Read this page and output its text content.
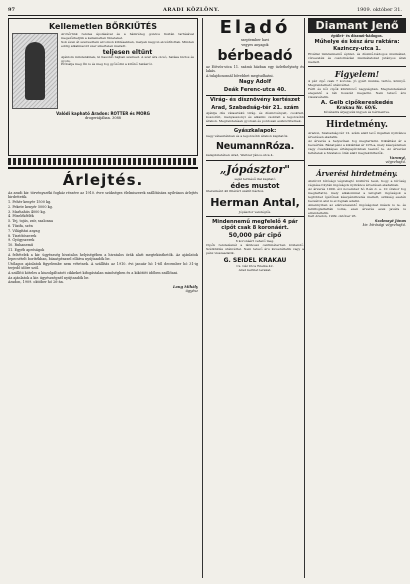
97	ARADI KÖZLÖNY.	1909. október 31.
Kellemetlen BŐRKIŰTÉS

Arcbőrünk rendes ápolásával és a hámréteg gondos tisztán tartásával megelőzhetjük a kellemetlen tüneteket.

Sok éven át szenvedtem arcomon kiütésekben, melyek nagyon elcsúfítottak. Minden eddig alkalmazott szer sikertelen maradt.

teljesen eltűnt

Ajánlom mindenkinek, ki hasonló bajban szenved. A szer ára olcsó, hatása biztos és gyors.

Próbálja meg Ön is és meg fog győződni a kitűnő hatásról.

Valódi kapható Aradon: ROTTER és MORG
drogeriájában. 3088
Árlejtés.

Az aradi kir. törvényszéki fogház részére az 1910. évre szükséges élelmiszerek szállítására nyilvános árlejtés hirdettetik.

1. Fehér kenyér 1500 kg.

2. Fekete kenyér 5000 kg.

3. Marhahús 4000 kg.

4. Főzelékfélék

5. Tej, tojás, zsír, szalonna

6. Tűzifa, szén

7. Világítási anyag

8. Tisztítószerek

9. Gyógyszerek

10. Ruhanemű

11. Egyéb apróságok

A feltételek a kir. ügyészség hivatalos helyiségében a hivatalos órák alatt megtekinthetők. Az ajánlatok lepecsételt borítékban, bánatpénzzel ellátva nyújtandók be.

Utólagos ajánlatok figyelembe nem vétetnek. A szállítás az 1910. évi január hó 1-től december hó 31-ig terjedő időre szól.

A szállító köteles a kiszolgáltatott cikkeket kifogástalan minőségben és a kikötött időben szállítani.

Az ajánlatok a kir. ügyészségnél nyújtandók be.

Aradon, 1909. október hó 26-án.

Lang Mihály
ügyész
Eladó

szeptember havi

vegyes anyagok

bérbeadó

az Eötvös-utca 11. számú házban egy üzlethelyiség és lakás.

A tulajdonosnál bővebbet megtudhatni.

Nagy Adolf
Deák Ferenc-utca 40.
Virág- és dísznövény kertészet
Arad, Szabadság-tér 21. szám

Ajánlja dús választékú virág- és dísznövényeit, csokrait, koszorúit, menyasszonyi és alkalmi csokrait a legolcsóbb árakon. Megrendelések gyorsan és pontosan eszközöltetnek.

Gyászkalapok:

nagy választékban és a legolcsóbb árakon kaphatók.

NeumannRóza.

kalapüzletében Arad, Weitzer János-utca 4.

„Jópásztor"

saját termésű ital kapható

édes mustot

literenként 40 fillérért szállít házhoz.

Herman Antal,

Jópásztor vendéglős.

Mindennemű megfelelő 4 pár cipőt csak 8 koronáért.
50,000 pár cipő

6 koronáért vehető meg.

Cipők rendelésnél a lábhossz centiméterben közlendő. Szétküldés utánvéttel. Nem tetsző áru kicseréltetik vagy a pénz visszaadatik.

G. SEIDEL KRAKAU

Cs. Gál Utca Wielka 42.

Arad kerület lerakat.

Diamant Jenő

épület- és díszmű-bádogos.

Műhelye és kész áru raktára: Kazinczy-utca 1.

Elvállal mindennemű épület- és díszmű-bádogos munkákat, vízvezeték és csatornázási munkálatokat jutányos árak mellett.

Figyelem!

4 pár cipő csak 7 korona. Jó gyári munka, tartós, könnyű. Megrendelhető utánvéttel.

Férfi és női cipők különböző nagyságban. Megrendelésnél elegendő a láb hosszát megadni. Nem tetsző áru visszavétetik.

A. Geib cipőkereskedés
Krakau Nr. 60/6.

Kívánatra árjegyzék ingyen és bérmentve.

Hirdetmény.

Aradon, Szabadság-tér 12. szám alatt levő ingatlan nyilvános árverésen eladatik.

Az árverés a helyszínen fog megtartatni. Kikiáltási ár a becsérték. Bánatpénz a kikiáltási ár 10%-a, mely készpénzben vagy óvadékképes értékpapírokban teendő le. Az árverési feltételek a hivatalos órák alatt megtekinthetők.

Varonyi,
végrehajtó.
Árverési hirdetmény.

Alulírott bírósági végrehajtó közhírré teszi, hogy a bíróság végzése folytán ingóságok nyilvános árverésen eladatnak.

Az árverés 1909. évi november hó 8-án d. e. 10 órakor fog megtartatni, mely alkalommal a lefoglalt ingóságok a legtöbbet ígérőnek készpénzfizetés mellett, szükség esetén becsáron alul is el fognak adatni.

Amennyiben az elárverezendő ingóságokat mások is le- és felülfoglaltatták volna, ezen árverés ezek javára is elrendeltetik.

Kelt Aradon, 1909. október 26.

Szalmayé János
kir. bírósági végrehajtó.
